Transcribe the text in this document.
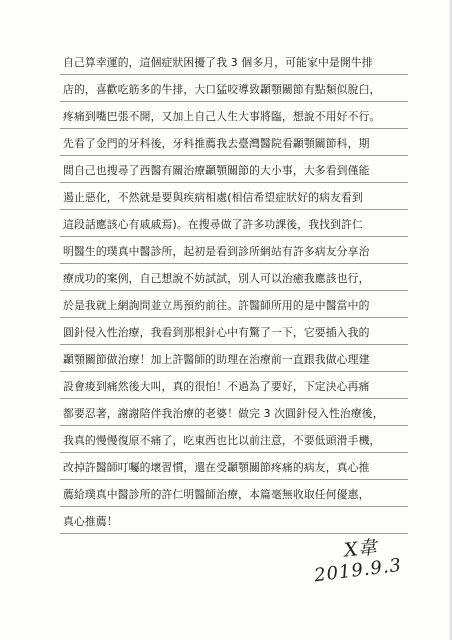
自己算幸運的，這個症狀困擾了我 3 個多月，可能家中是開牛排
店的，喜歡吃筋多的牛排，大口猛咬導致顳顎關節有點類似脫臼，
疼痛到嘴巴張不開，又加上自己人生大事將臨，想說不用好不行。
先看了金門的牙科後，牙科推薦我去臺灣醫院看顳顎關節科，期
間自己也搜尋了西醫有關治療顳顎關節的大小事，大多看到僅能
遏止惡化，不然就是要與疾病相處(相信希望症狀好的病友看到
這段話應該心有戚戚焉)。在搜尋做了許多功課後，我找到許仁
明醫生的璞真中醫診所，起初是看到診所網站有許多病友分享治
療成功的案例，自己想說不妨試試，別人可以治癒我應該也行，
於是我就上網詢問並立馬預約前往。許醫師所用的是中醫當中的
圓針侵入性治療，我看到那根針心中有驚了一下，它要插入我的
顳顎關節做治療！加上許醫師的助理在治療前一直跟我做心理建
設會痠到痛然後大叫，真的很怕！不過為了要好，下定決心再痛
都要忍著，謝謝陪伴我治療的老婆！做完 3 次圓針侵入性治療後，
我真的慢慢復原不痛了，吃東西也比以前注意，不要低頭滑手機，
改掉許醫師叮囑的壞習慣，還在受顳顎關節疼痛的病友，真心推
薦給璞真中醫診所的許仁明醫師治療，本篇毫無收取任何優惠，
真心推薦！
X韋
2019.9.3
